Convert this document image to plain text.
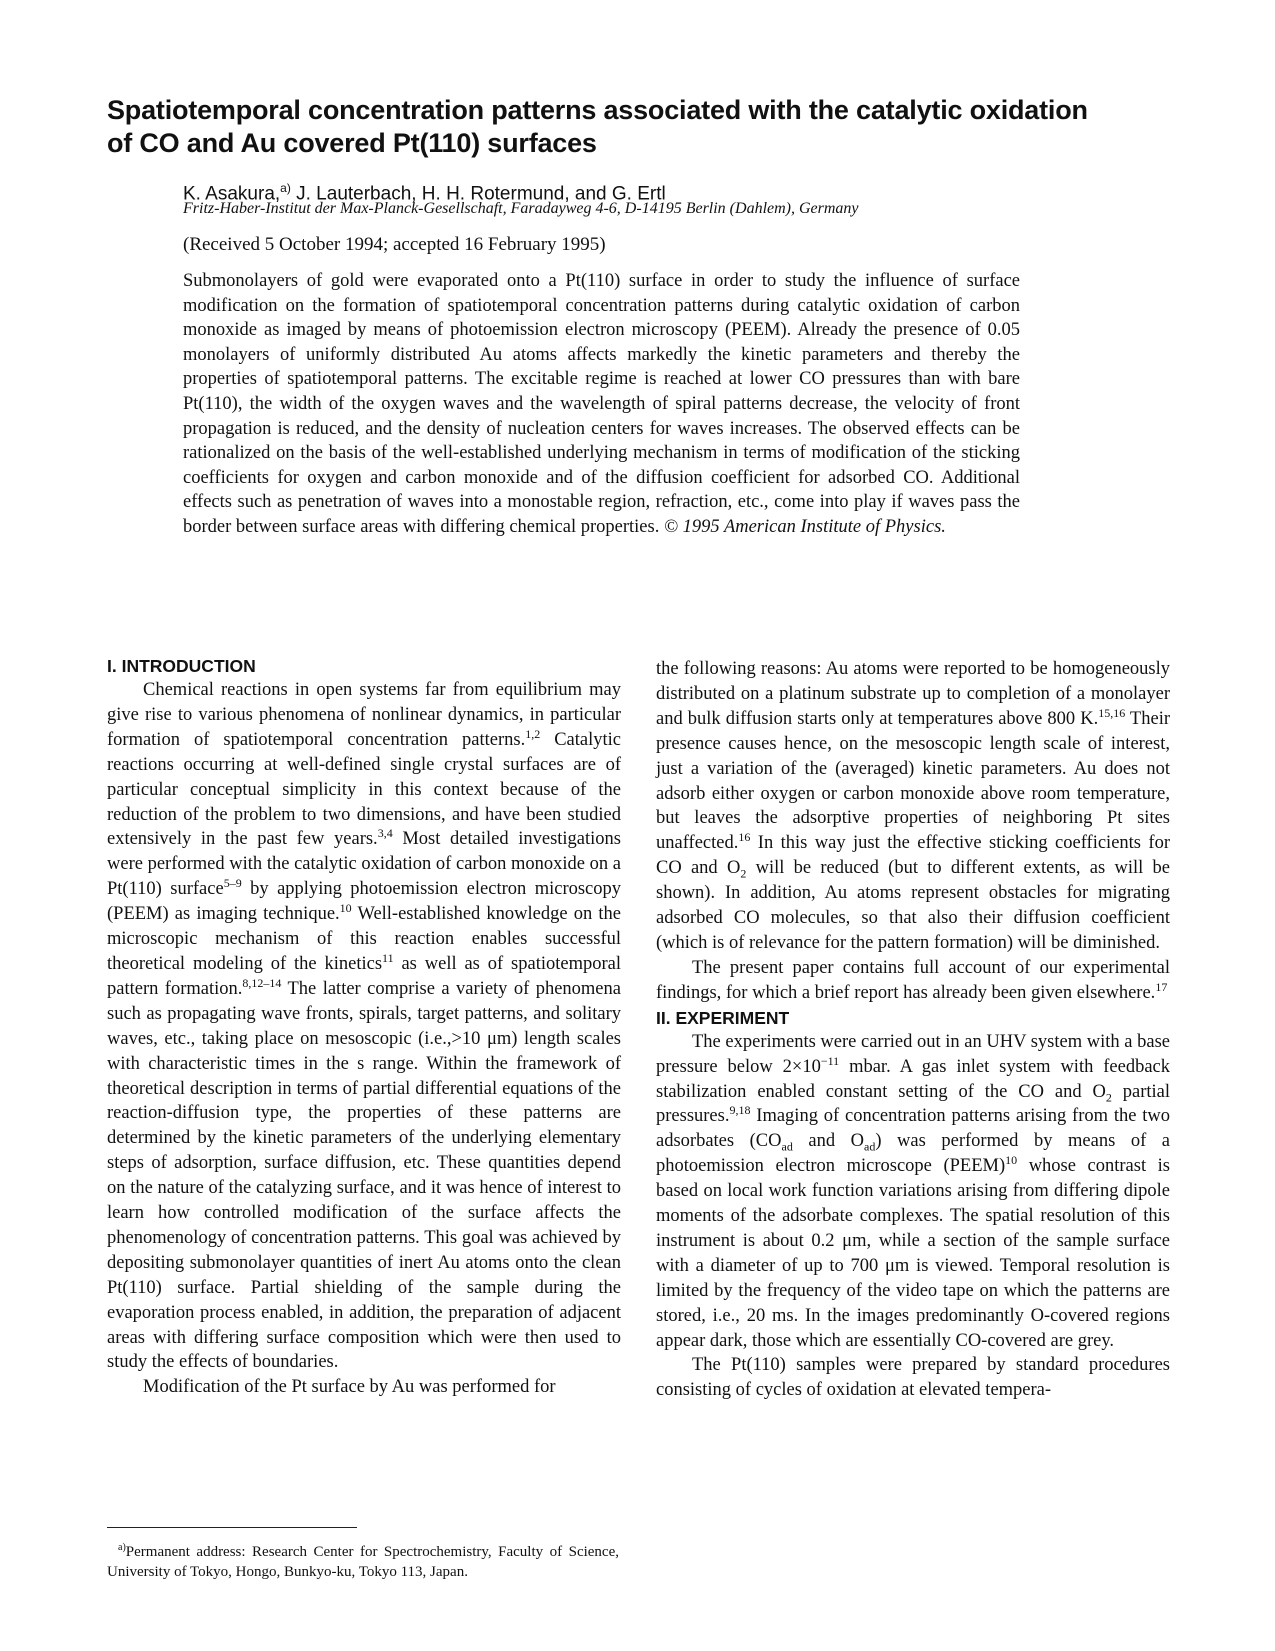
Spatiotemporal concentration patterns associated with the catalytic oxidation of CO and Au covered Pt(110) surfaces
K. Asakura,$^{a)}$ J. Lauterbach, H. H. Rotermund, and G. Ertl
Fritz-Haber-Institut der Max-Planck-Gesellschaft, Faradayweg 4-6, D-14195 Berlin (Dahlem), Germany
(Received 5 October 1994; accepted 16 February 1995)

Submonolayers of gold were evaporated onto a Pt(110) surface in order to study the influence of surface modification on the formation of spatiotemporal concentration patterns during catalytic oxidation of carbon monoxide as imaged by means of photoemission electron microscopy (PEEM). Already the presence of 0.05 monolayers of uniformly distributed Au atoms affects markedly the kinetic parameters and thereby the properties of spatiotemporal patterns. The excitable regime is reached at lower CO pressures than with bare Pt(110), the width of the oxygen waves and the wavelength of spiral patterns decrease, the velocity of front propagation is reduced, and the density of nucleation centers for waves increases. The observed effects can be rationalized on the basis of the well-established underlying mechanism in terms of modification of the sticking coefficients for oxygen and carbon monoxide and of the diffusion coefficient for adsorbed CO. Additional effects such as penetration of waves into a monostable region, refraction, etc., come into play if waves pass the border between surface areas with differing chemical properties. © 1995 American Institute of Physics.

I. INTRODUCTION

Chemical reactions in open systems far from equilibrium may give rise to various phenomena of nonlinear dynamics, in particular formation of spatiotemporal concentration patterns.$^{1,2}$ Catalytic reactions occurring at well-defined single crystal surfaces are of particular conceptual simplicity in this context because of the reduction of the problem to two dimensions, and have been studied extensively in the past few years.$^{3,4}$ Most detailed investigations were performed with the catalytic oxidation of carbon monoxide on a Pt(110) surface$^{5-9}$ by applying photoemission electron microscopy (PEEM) as imaging technique.$^{10}$ Well-established knowledge on the microscopic mechanism of this reaction enables successful theoretical modeling of the kinetics$^{11}$ as well as of spatiotemporal pattern formation.$^{8,12-14}$ The latter comprise a variety of phenomena such as propagating wave fronts, spirals, target patterns, and solitary waves, etc., taking place on mesoscopic (i.e.,>10 μm) length scales with characteristic times in the s range. Within the framework of theoretical description in terms of partial differential equations of the reaction-diffusion type, the properties of these patterns are determined by the kinetic parameters of the underlying elementary steps of adsorption, surface diffusion, etc. These quantities depend on the nature of the catalyzing surface, and it was hence of interest to learn how controlled modification of the surface affects the phenomenology of concentration patterns. This goal was achieved by depositing submonolayer quantities of inert Au atoms onto the clean Pt(110) surface. Partial shielding of the sample during the evaporation process enabled, in addition, the preparation of adjacent areas with differing surface composition which were then used to study the effects of boundaries.

Modification of the Pt surface by Au was performed for

the following reasons: Au atoms were reported to be homogeneously distributed on a platinum substrate up to completion of a monolayer and bulk diffusion starts only at temperatures above 800 K.$^{15,16}$ Their presence causes hence, on the mesoscopic length scale of interest, just a variation of the (averaged) kinetic parameters. Au does not adsorb either oxygen or carbon monoxide above room temperature, but leaves the adsorptive properties of neighboring Pt sites unaffected.$^{16}$ In this way just the effective sticking coefficients for CO and $O_2$ will be reduced (but to different extents, as will be shown). In addition, Au atoms represent obstacles for migrating adsorbed CO molecules, so that also their diffusion coefficient (which is of relevance for the pattern formation) will be diminished.

The present paper contains full account of our experimental findings, for which a brief report has already been given elsewhere.$^{17}$

II. EXPERIMENT

The experiments were carried out in an UHV system with a base pressure below $2\times 10^{-11}$ mbar. A gas inlet system with feedback stabilization enabled constant setting of the CO and $O_2$ partial pressures.$^{9,18}$ Imaging of concentration patterns arising from the two adsorbates ($CO_{ad}$ and $O_{ad}$) was performed by means of a photoemission electron microscope (PEEM)$^{10}$ whose contrast is based on local work function variations arising from differing dipole moments of the adsorbate complexes. The spatial resolution of this instrument is about 0.2 μm, while a section of the sample surface with a diameter of up to 700 μm is viewed. Temporal resolution is limited by the frequency of the video tape on which the patterns are stored, i.e., 20 ms. In the images predominantly O-covered regions appear dark, those which are essentially CO-covered are grey.

The Pt(110) samples were prepared by standard procedures consisting of cycles of oxidation at elevated tempera-

$^{a)}$Permanent address: Research Center for Spectrochemistry, Faculty of Science, University of Tokyo, Hongo, Bunkyo-ku, Tokyo 113, Japan.
